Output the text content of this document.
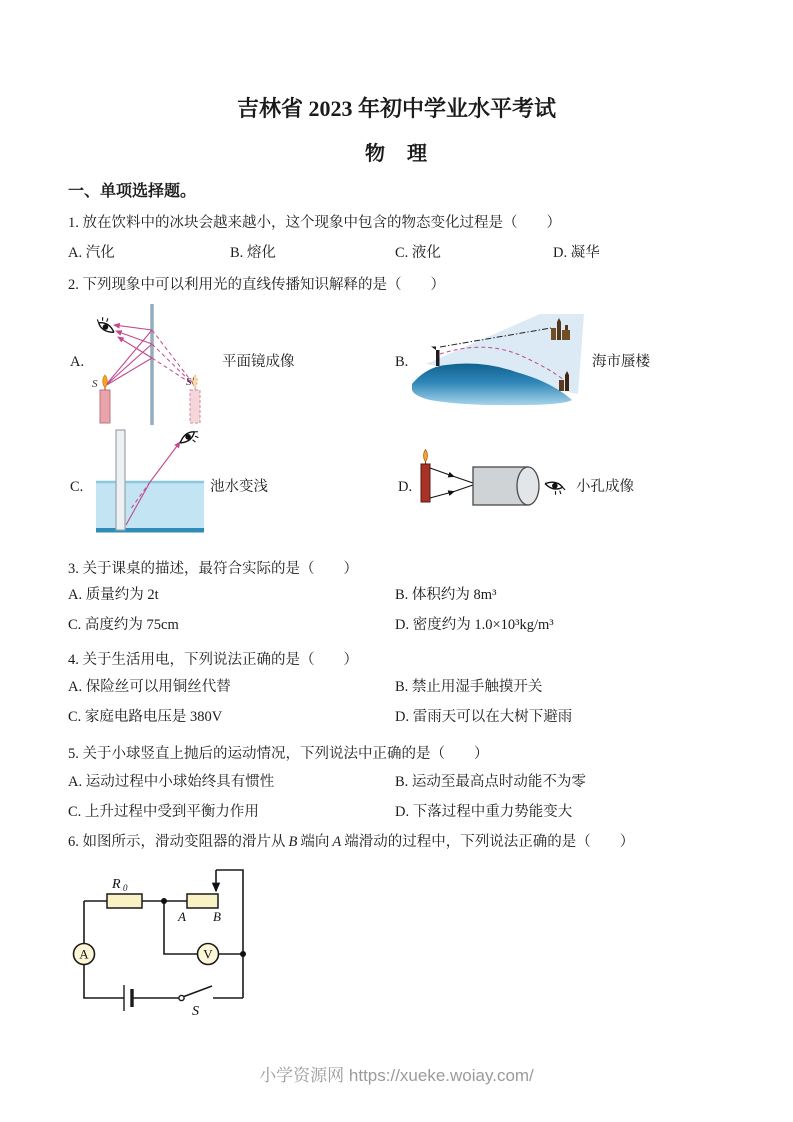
吉林省 2023 年初中学业水平考试
物　理
一、单项选择题。
1. 放在饮料中的冰块会越来越小，这个现象中包含的物态变化过程是（　　）
A. 汽化	B. 熔化	C. 液化	D. 凝华
2. 下列现象中可以利用光的直线传播知识解释的是（　　）
A.	平面镜成像	B.	海市蜃楼
C.	池水变浅	D.	小孔成像
S	S′
3. 关于课桌的描述，最符合实际的是（　　）
A. 质量约为 2t	B. 体积约为 8m³
C. 高度约为 75cm	D. 密度约为 1.0×10³kg/m³
4. 关于生活用电，下列说法正确的是（　　）
A. 保险丝可以用铜丝代替	B. 禁止用湿手触摸开关
C. 家庭电路电压是 380V	D. 雷雨天可以在大树下避雨
5. 关于小球竖直上抛后的运动情况，下列说法中正确的是（　　）
A. 运动过程中小球始终具有惯性	B. 运动至最高点时动能不为零
C. 上升过程中受到平衡力作用	D. 下落过程中重力势能变大
6. 如图所示，滑动变阻器的滑片从 B 端向 A 端滑动的过程中，下列说法正确的是（　　）
R 0
A B
A	V
S
小学资源网 https://xueke.woiay.com/
